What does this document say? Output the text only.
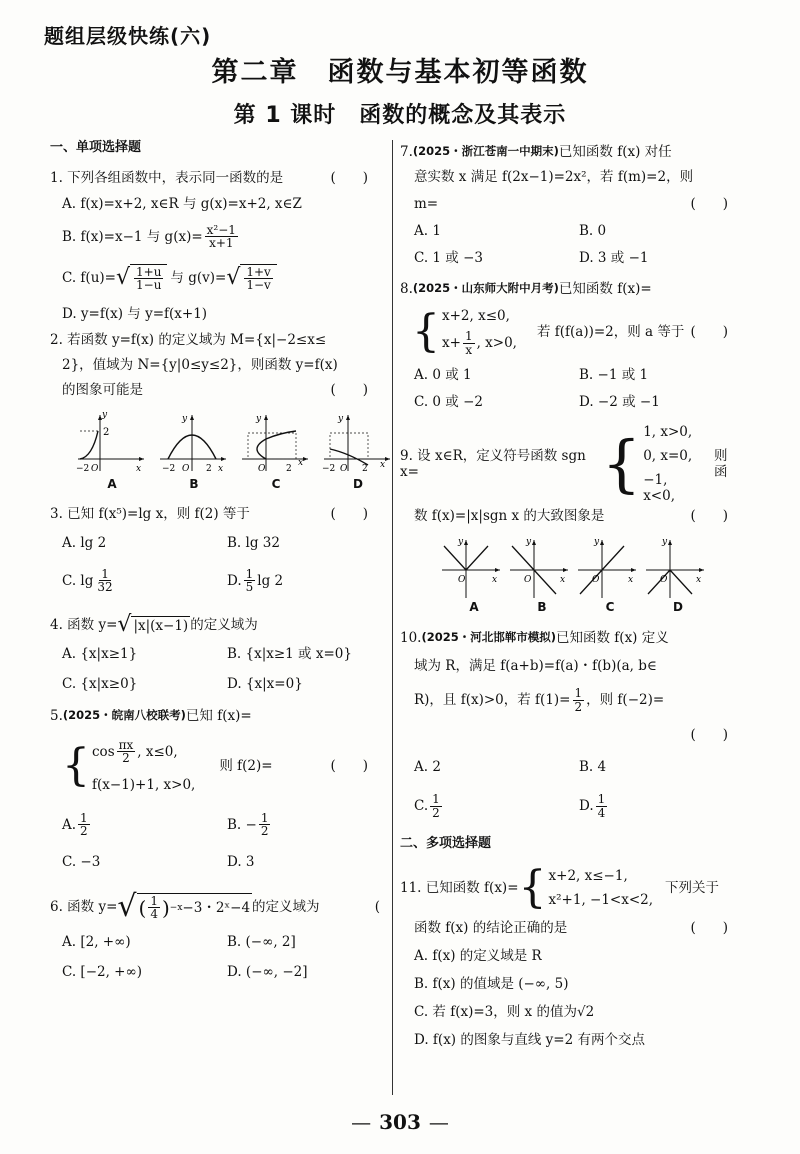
题组层级快练(六)
第二章　函数与基本初等函数
第 1 课时　函数的概念及其表示
一、单项选择题
1. 下列各组函数中，表示同一函数的是	(　　)
A. f(x)=x+2, x∈R 与 g(x)=x+2, x∈Z
B. f(x)=x−1 与 $g(x)= \frac{\text{x²−1}}{x+1}$
C. f(u)= √ $\frac{1+u}{1-u}$ 与 g(v)= √ $\frac{1+v}{1-v}$
D. y=f(x) 与 y=f(x+1)
2. 若函数 y=f(x) 的定义域为 M={x|−2≤x≤
2}，值域为 N={y|0≤y≤2}，则函数 y=f(x)
的图象可能是	(　　)
y
2
−2 O	x
A
y
−2 O 2 x
B
y
O 2
x
C
y
−2 O 2 x
D
3. 已知 f(x⁵)=lg x，则 f(2) 等于	(　　)
A. lg 2	B. lg 32
C. $\lg \frac{1}{32}$	D. $\frac{1}{5}$ lg 2
4. 函数 y= √ |x|(x−1) 的定义域为
A. {x|x≥1}	B. {x|x≥1 或 x=0}
C. {x|x≥0}	D. {x|x=0}
5. (2025・皖南八校联考) 已知 f(x)=
{ $\cos \frac{\pi x}{2}$ , x≤0,
f(x−1)+1, x>0,
则 f(2)=	(　　)
A. $\frac{1}{2}$	B. − $\frac{1}{2}$
C. −3	D. 3
6. 函数 y= √ ( $\frac{1}{4}$ ) −x −3・2ˣ−4 的定义域为	(
A. [2, +∞)	B. (−∞, 2]
C. [−2, +∞)	D. (−∞, −2]
7. (2025・浙江苍南一中期末) 已知函数 f(x) 对任
意实数 x 满足 f(2x−1)=2x²，若 f(m)=2，则
m=	(　　)
A. 1	B. 0
C. 1 或 −3	D. 3 或 −1
8. (2025・山东师大附中月考) 已知函数 f(x)=
{ x+2, x≤0,
$x+ \frac{1}{x}$ , x>0,
若 f(f(a))=2，则 a 等于 (　　)
A. 0 或 1	B. −1 或 1
C. 0 或 −2	D. −2 或 −1
9. 设 x∈R，定义符号函数 sgn x=	{ 1, x>0,
0, x=0,
−1, x<0,
则函
数 f(x)=|x|sgn x 的大致图象是	(　　)
y
O	x
A
y
O	x
B
y
O	x
C
y
O	x
D
10. (2025・河北邯郸市模拟) 已知函数 f(x) 定义
域为 R，满足 f(a+b)=f(a)・f(b)(a, b∈
R)，且 f(x)>0，若 $f(1)= \frac{1}{2}$ ，则 f(−2)=
(　　)
A. 2	B. 4
C. $\frac{1}{2}$	D. $\frac{1}{4}$
二、多项选择题
11. 已知函数 f(x)= { x+2, x≤−1,
x²+1, −1<x<2,
下列关于
函数 f(x) 的结论正确的是	(　　)
A. f(x) 的定义域是 R
B. f(x) 的值域是 (−∞, 5)
C. 若 f(x)=3，则 x 的值为√2
D. f(x) 的图象与直线 y=2 有两个交点
— 303 —
